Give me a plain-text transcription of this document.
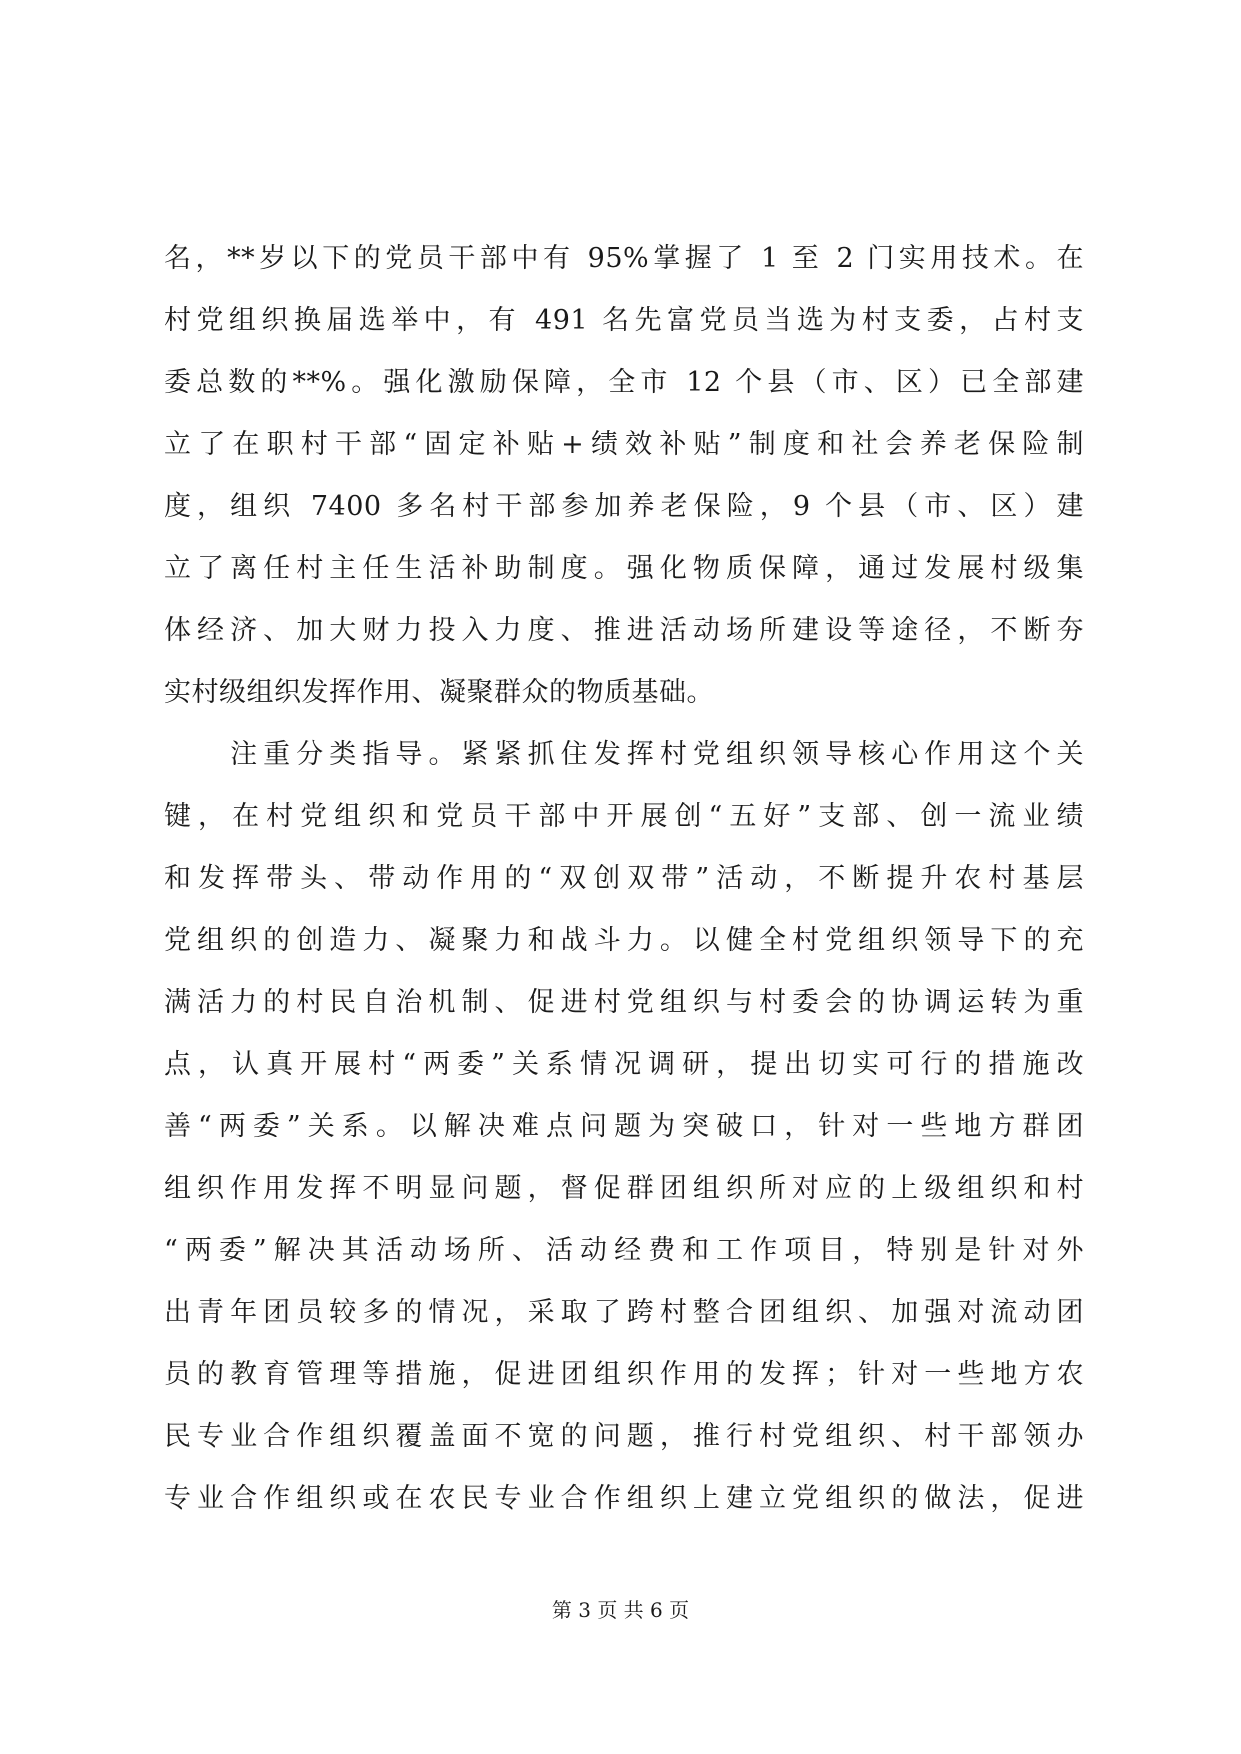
名，**岁以下的党员干部中有 95%掌握了 1 至 2 门实用技术。在
村党组织换届选举中，有 491 名先富党员当选为村支委，占村支
委总数的**%。强化激励保障，全市 12 个县（市、区）已全部建
立了在职村干部“固定补贴+绩效补贴”制度和社会养老保险制
度，组织 7400 多名村干部参加养老保险，9 个县（市、区）建
立了离任村主任生活补助制度。强化物质保障，通过发展村级集
体经济、加大财力投入力度、推进活动场所建设等途径，不断夯
实村级组织发挥作用、凝聚群众的物质基础。
　　注重分类指导。紧紧抓住发挥村党组织领导核心作用这个关
键，在村党组织和党员干部中开展创“五好”支部、创一流业绩
和发挥带头、带动作用的“双创双带”活动，不断提升农村基层
党组织的创造力、凝聚力和战斗力。以健全村党组织领导下的充
满活力的村民自治机制、促进村党组织与村委会的协调运转为重
点，认真开展村“两委”关系情况调研，提出切实可行的措施改
善“两委”关系。以解决难点问题为突破口，针对一些地方群团
组织作用发挥不明显问题，督促群团组织所对应的上级组织和村
“两委”解决其活动场所、活动经费和工作项目，特别是针对外
出青年团员较多的情况，采取了跨村整合团组织、加强对流动团
员的教育管理等措施，促进团组织作用的发挥；针对一些地方农
民专业合作组织覆盖面不宽的问题，推行村党组织、村干部领办
专业合作组织或在农民专业合作组织上建立党组织的做法，促进
第 3 页 共 6 页
